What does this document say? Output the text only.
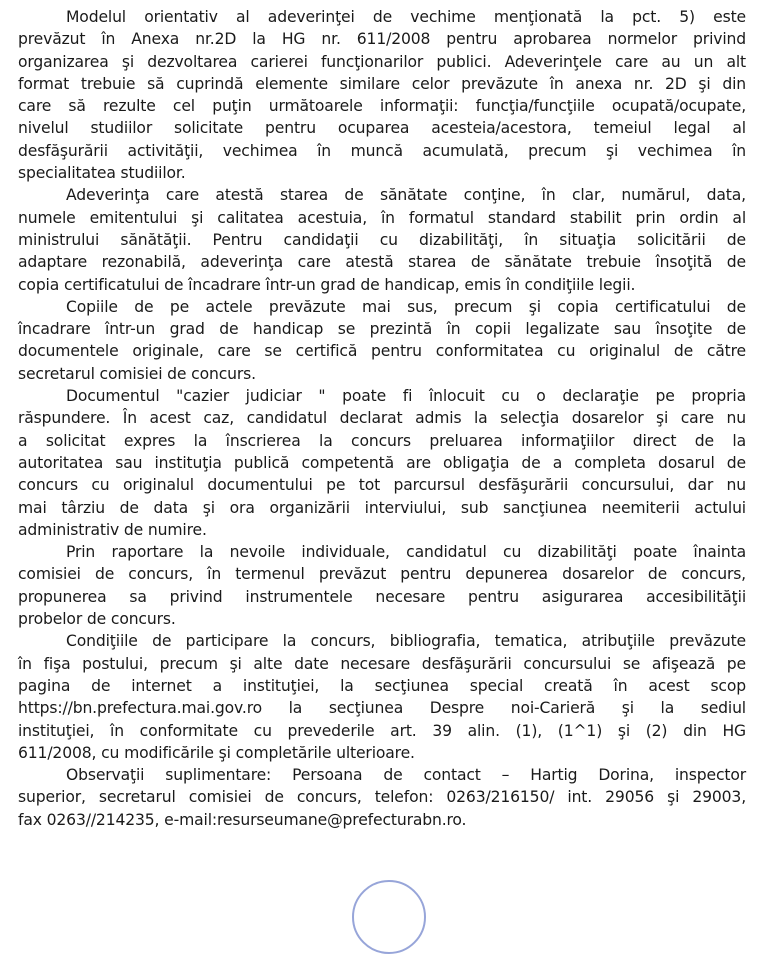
Modelul orientativ al adeverinţei de vechime menţionată la pct. 5) este
prevăzut în Anexa nr.2D la HG nr. 611/2008 pentru aprobarea normelor privind
organizarea şi dezvoltarea carierei funcţionarilor publici. Adeverinţele care au un alt
format trebuie să cuprindă elemente similare celor prevăzute în anexa nr. 2D şi din
care să rezulte cel puţin următoarele informaţii: funcţia/funcţiile ocupată/ocupate,
nivelul studiilor solicitate pentru ocuparea acesteia/acestora, temeiul legal al
desfăşurării activităţii, vechimea în muncă acumulată, precum şi vechimea în
specialitatea studiilor.
Adeverinţa care atestă starea de sănătate conţine, în clar, numărul, data,
numele emitentului şi calitatea acestuia, în formatul standard stabilit prin ordin al
ministrului sănătăţii. Pentru candidaţii cu dizabilităţi, în situaţia solicitării de
adaptare rezonabilă, adeverinţa care atestă starea de sănătate trebuie însoţită de
copia certificatului de încadrare într-un grad de handicap, emis în condiţiile legii.
Copiile de pe actele prevăzute mai sus, precum şi copia certificatului de
încadrare într-un grad de handicap se prezintă în copii legalizate sau însoţite de
documentele originale, care se certifică pentru conformitatea cu originalul de către
secretarul comisiei de concurs.
Documentul "cazier judiciar " poate fi înlocuit cu o declaraţie pe propria
răspundere. În acest caz, candidatul declarat admis la selecţia dosarelor şi care nu
a solicitat expres la înscrierea la concurs preluarea informaţiilor direct de la
autoritatea sau instituţia publică competentă are obligaţia de a completa dosarul de
concurs cu originalul documentului pe tot parcursul desfăşurării concursului, dar nu
mai târziu de data şi ora organizării interviului, sub sancţiunea neemiterii actului
administrativ de numire.
Prin raportare la nevoile individuale, candidatul cu dizabilităţi poate înainta
comisiei de concurs, în termenul prevăzut pentru depunerea dosarelor de concurs,
propunerea sa privind instrumentele necesare pentru asigurarea accesibilităţii
probelor de concurs.
Condiţiile de participare la concurs, bibliografia, tematica, atribuţiile prevăzute
în fişa postului, precum şi alte date necesare desfăşurării concursului se afişează pe
pagina de internet a instituţiei, la secţiunea special creată în acest scop
https://bn.prefectura.mai.gov.ro la secţiunea Despre noi-Carieră şi la sediul
instituţiei, în conformitate cu prevederile art. 39 alin. (1), (1^1) şi (2) din HG
611/2008, cu modificările şi completările ulterioare.
Observaţii suplimentare: Persoana de contact – Hartig Dorina, inspector
superior, secretarul comisiei de concurs, telefon: 0263/216150/ int. 29056 şi 29003,
fax 0263//214235, e-mail:resurseumane@prefecturabn.ro.
